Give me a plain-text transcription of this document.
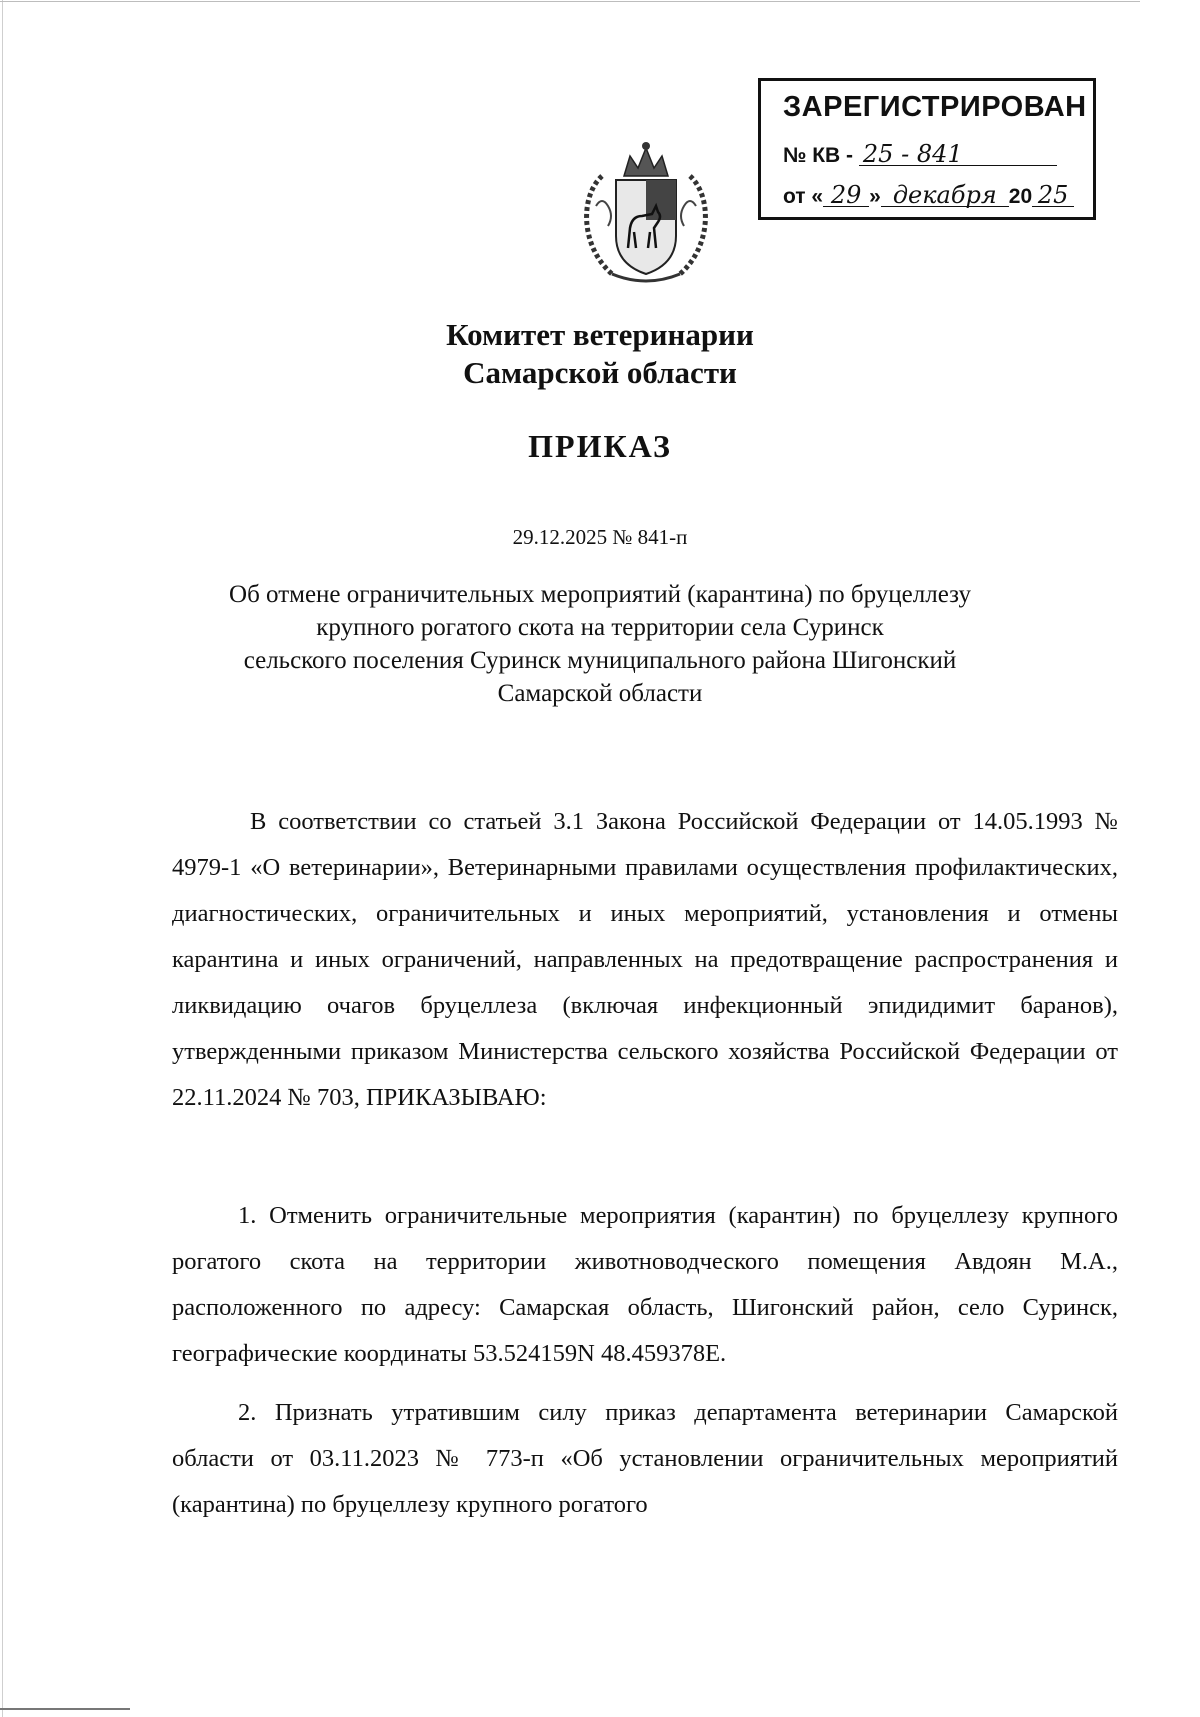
ЗАРЕГИСТРИРОВАН
№ КВ - 25 - 841
от « 29 » декабря 20 25
Комитет ветеринарии
Самарской области
ПРИКАЗ
29.12.2025 № 841-п
Об отмене ограничительных мероприятий (карантина) по бруцеллезу
крупного рогатого скота на территории села Суринск
сельского поселения Суринск муниципального района Шигонский
Самарской области

В соответствии со статьей 3.1 Закона Российской Федерации от 14.05.1993 № 4979-1 «О ветеринарии», Ветеринарными правилами осуществления профилактических, диагностических, ограничительных и иных мероприятий, установления и отмены карантина и иных ограничений, направленных на предотвращение распространения и ликвидацию очагов бруцеллеза (включая инфекционный эпидидимит баранов), утвержденными приказом Министерства сельского хозяйства Российской Федерации от 22.11.2024 № 703, ПРИКАЗЫВАЮ:

1. Отменить ограничительные мероприятия (карантин) по бруцеллезу крупного рогатого скота на территории животноводческого помещения Авдоян М.А., расположенного по адресу: Самарская область, Шигонский район, село Суринск, географические координаты 53.524159N 48.459378E.

2. Признать утратившим силу приказ департамента ветеринарии Самарской области от 03.11.2023 № 773-п «Об установлении ограничительных мероприятий (карантина) по бруцеллезу крупного рогатого
